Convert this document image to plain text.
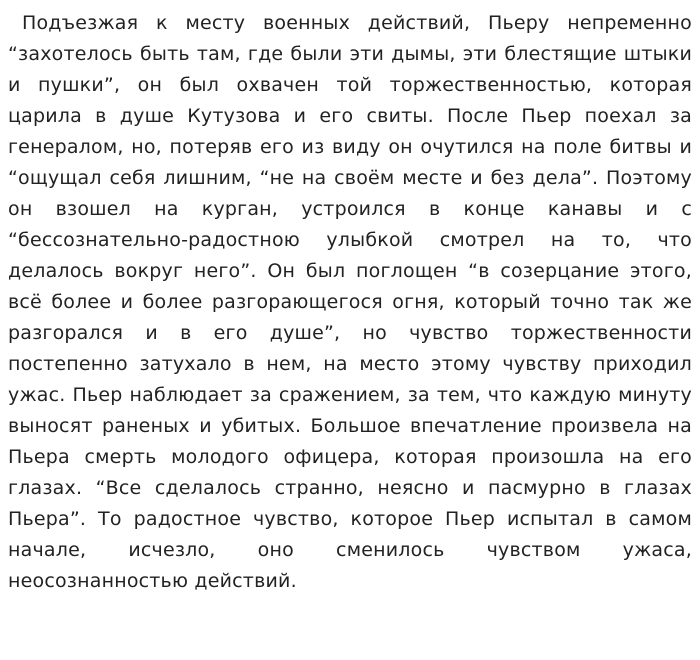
Подъезжая к месту военных действий, Пьеру непременно “захотелось быть там, где были эти дымы, эти блестящие штыки и пушки”, он был охвачен той торжественностью, которая царила в душе Кутузова и его свиты. После Пьер поехал за генералом, но, потеряв его из виду он очутился на поле битвы и “ощущал себя лишним, “не на своём месте и без дела”. Поэтому он взошел на курган, устроился в конце канавы и с “бессознательно-радостною улыбкой смотрел на то, что делалось вокруг него”. Он был поглощен “в созерцание этого, всё более и более разгорающегося огня, который точно так же разгорался и в его душе”, но чувство торжественности постепенно затухало в нем, на место этому чувству приходил ужас. Пьер наблюдает за сражением, за тем, что каждую минуту выносят раненых и убитых. Большое впечатление произвела на Пьера смерть молодого офицера, которая произошла на его глазах. “Все сделалось странно, неясно и пасмурно в глазах Пьера”. То радостное чувство, которое Пьер испытал в самом начале, исчезло, оно сменилось чувством ужаса, неосознанностью действий.
